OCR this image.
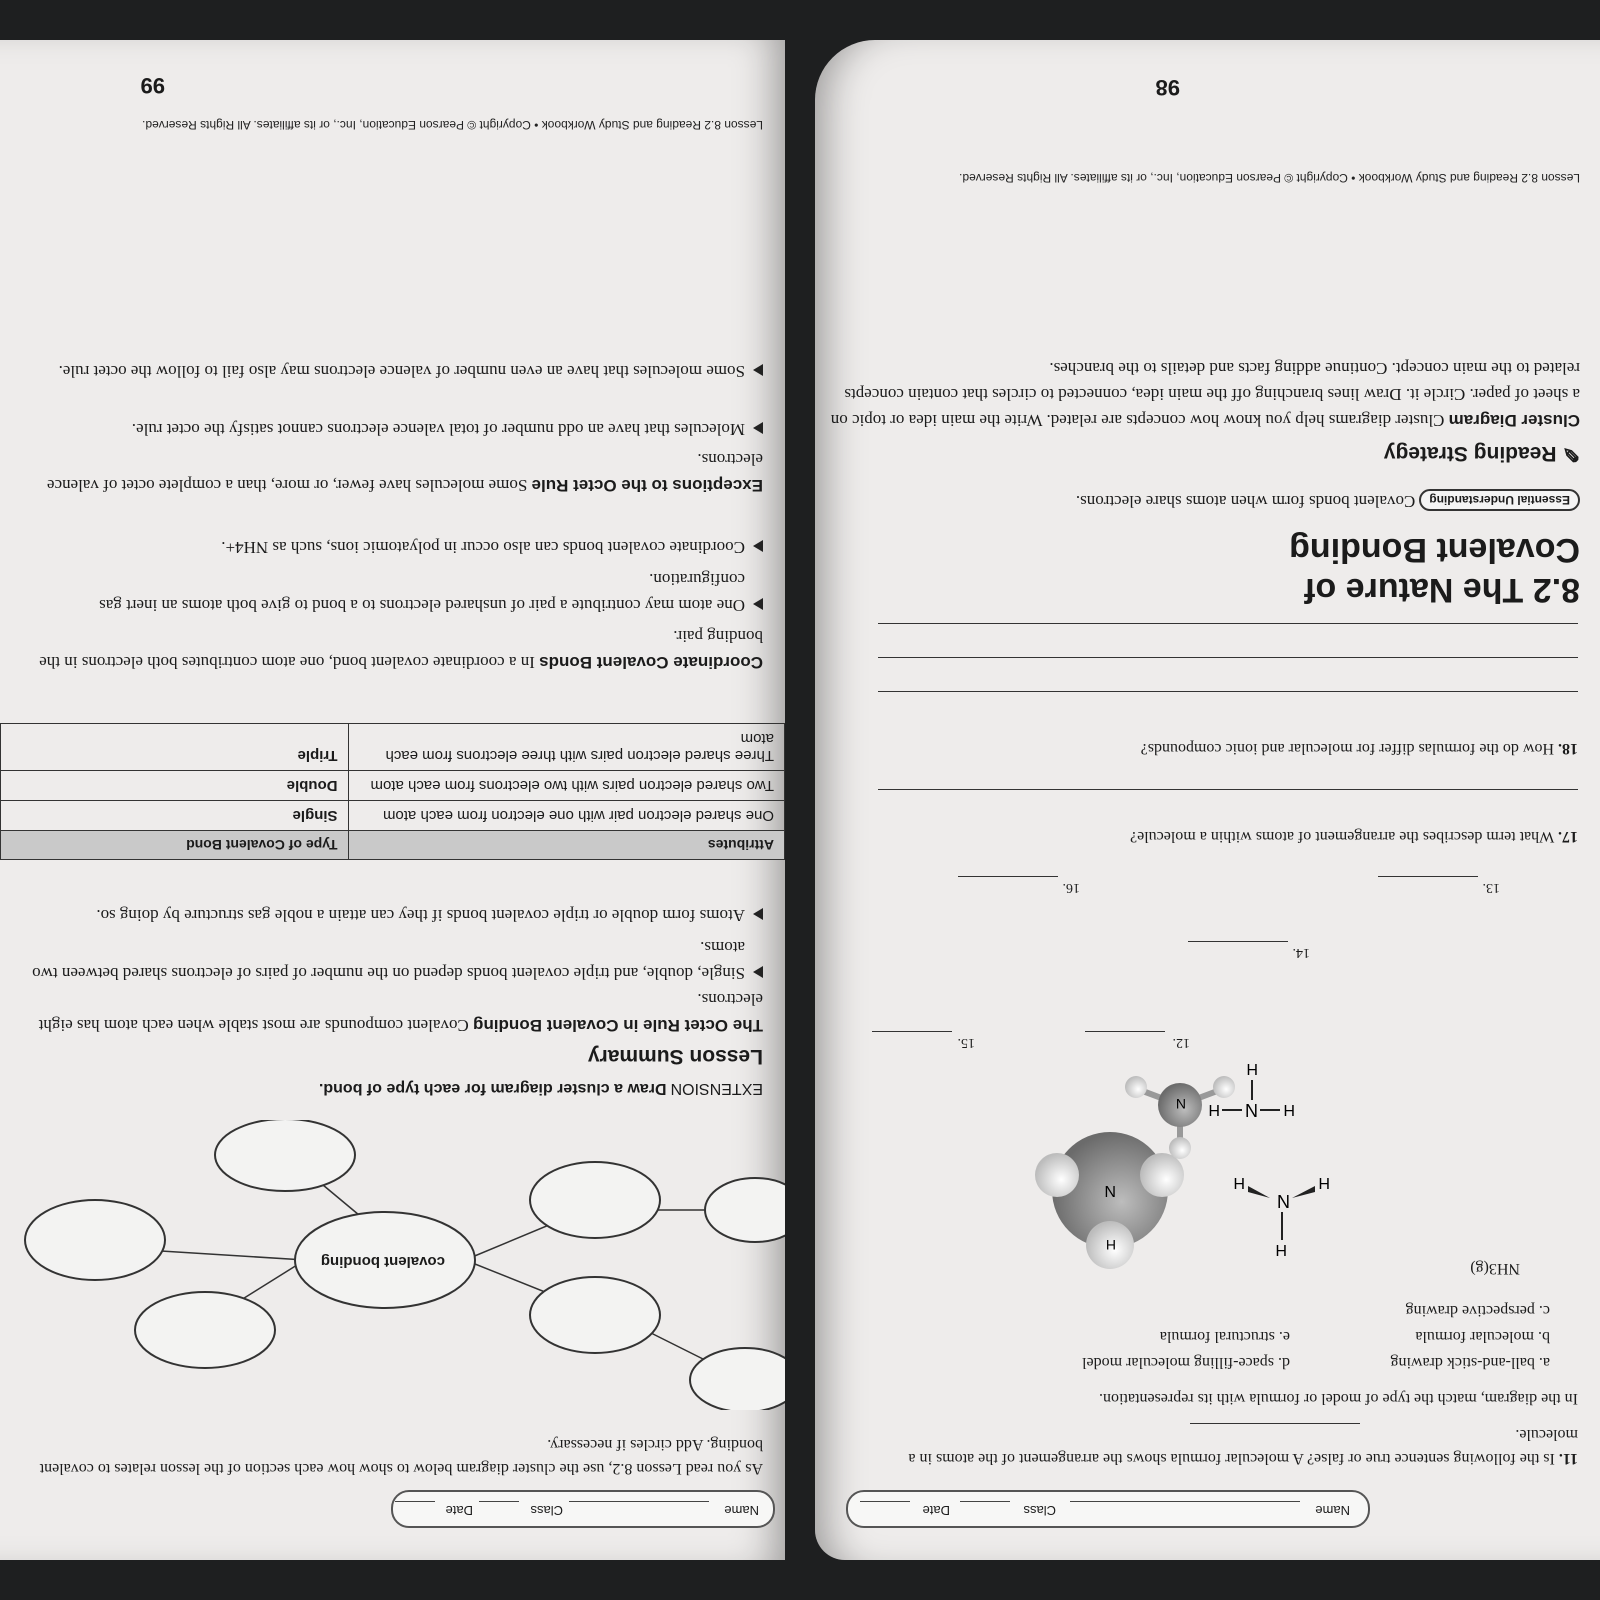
Name
Class
Date
11. Is the following sentence true or false? A molecular formula shows the arrangement of the atoms in a molecule.
In the diagram, match the type of model or formula with its representation.
a. ball-and-stick drawing
b. molecular formula
c. perspective drawing
d. space-filling molecular model
e. structural formula
NH3(g)
N
H
H
H
N
H
H
N
H
H
N
12.
15.
14.
13.
16.
17. What term describes the arrangement of atoms within a molecule?
18. How do the formulas differ for molecular and ionic compounds?
98
Name
Class
Date
As you read Lesson 8.2, use the cluster diagram below to show how each section of the lesson relates to covalent bonding. Add circles if necessary.
covalent bonding
EXTENSION Draw a cluster diagram for each type of bond.
Lesson Summary
The Octet Rule in Covalent Bonding Covalent compounds are most stable when each atom has eight electrons.
Single, double, and triple covalent bonds depend on the number of pairs of electrons shared between two atoms.
Atoms form double or triple covalent bonds if they can attain a noble gas structure by doing so.
Attributes	Type of Covalent Bond
One shared electron pair with one electron from each atom	Single
Two shared electron pairs with two electrons from each atom	Double
Three shared electron pairs with three electrons from each atom	Triple
Coordinate Covalent Bonds In a coordinate covalent bond, one atom contributes both electrons in the bonding pair.
One atom may contribute a pair of unshared electrons to a bond to give both atoms an inert gas configuration.
Coordinate covalent bonds can also occur in polyatomic ions, such as NH4+.
Exceptions to the Octet Rule Some molecules have fewer, or more, than a complete octet of valence electrons.
Molecules that have an odd number of total valence electrons cannot satisfy the octet rule.
Some molecules that have an even number of valence electrons may also fail to follow the octet rule.
Lesson 8.2 Reading and Study Workbook • Copyright © Pearson Education, Inc., or its affiliates. All Rights Reserved.
99
8.2 The Nature of
Covalent Bonding
Essential Understanding Covalent bonds form when atoms share electrons.
✎ Reading Strategy
Cluster Diagram Cluster diagrams help you know how concepts are related. Write the main idea or topic on a sheet of paper. Circle it. Draw lines branching off the main idea, connected to circles that contain concepts related to the main concept. Continue adding facts and details to the branches.
Lesson 8.2 Reading and Study Workbook • Copyright © Pearson Education, Inc., or its affiliates. All Rights Reserved.
